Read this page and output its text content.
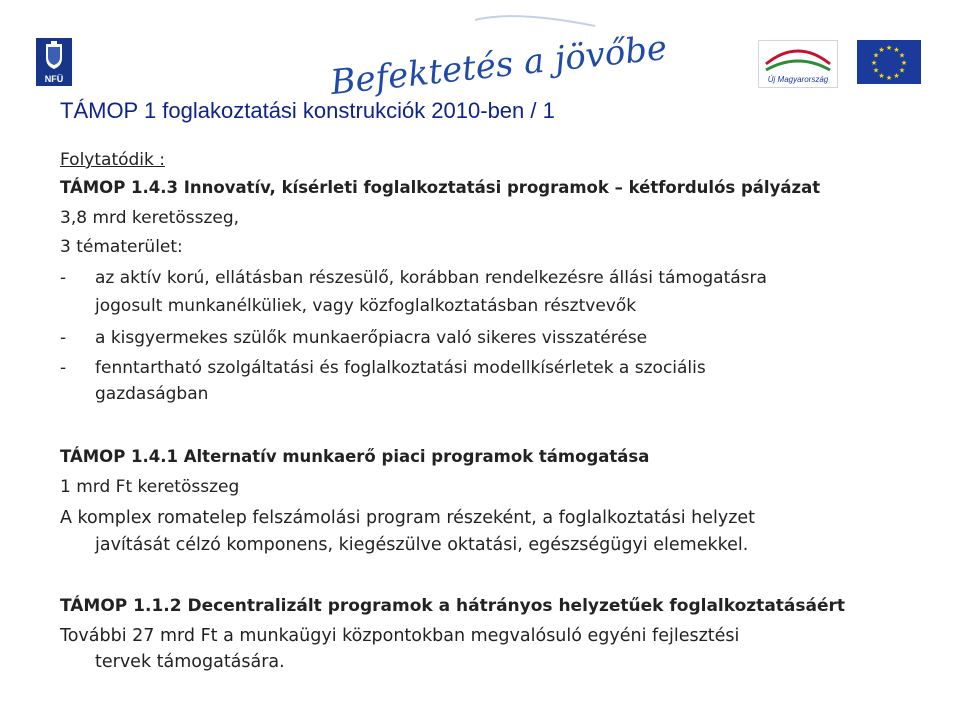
NFÜ	Befektetés a jövőbe	Új Magyarország
★ ★
★
★
★
★
★
★
★
★
★
★
TÁMOP 1 foglakoztatási konstrukciók 2010-ben / 1
Folytatódik :
TÁMOP 1.4.3 Innovatív, kísérleti foglalkoztatási programok – kétfordulós pályázat
3,8 mrd keretösszeg,
3 tématerület:
- az aktív korú, ellátásban részesülő, korábban rendelkezésre állási támogatásra
jogosult munkanélküliek, vagy közfoglalkoztatásban résztvevők
- a kisgyermekes szülők munkaerőpiacra való sikeres visszatérése
- fenntartható szolgáltatási és foglalkoztatási modellkísérletek a szociális
gazdaságban
TÁMOP 1.4.1 Alternatív munkaerő piaci programok támogatása
1 mrd Ft keretösszeg
A komplex romatelep felszámolási program részeként, a foglalkoztatási helyzet
javítását célzó komponens, kiegészülve oktatási, egészségügyi elemekkel.
TÁMOP 1.1.2 Decentralizált programok a hátrányos helyzetűek foglalkoztatásáért
További 27 mrd Ft a munkaügyi központokban megvalósuló egyéni fejlesztési
tervek támogatására.
